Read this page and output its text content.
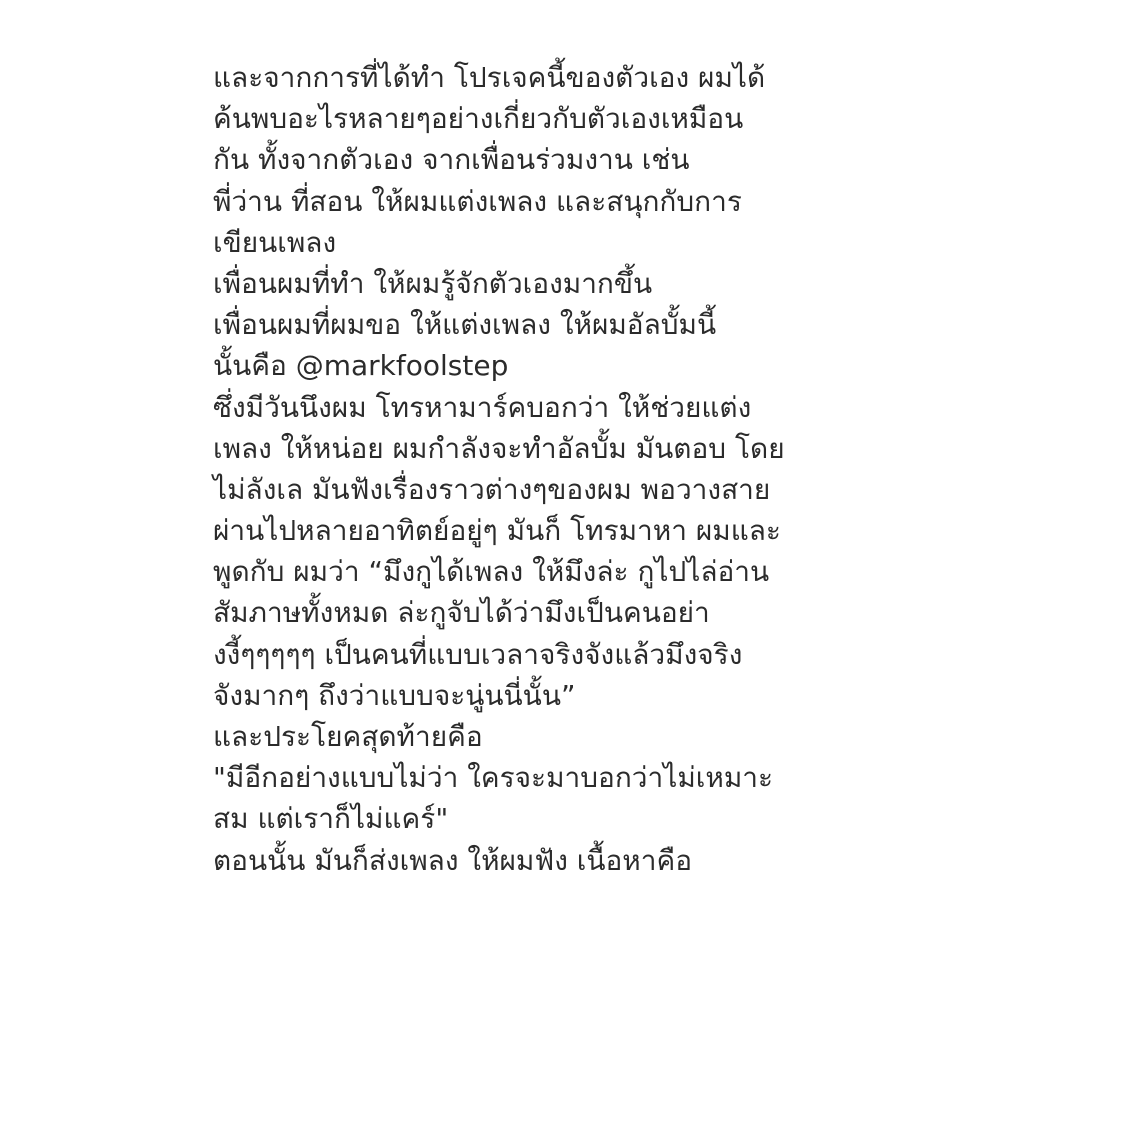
และจากการที่ได้ทำ โปรเจคนี้ของตัวเอง ผมได้
ค้นพบอะไรหลายๆอย่างเกี่ยวกับตัวเองเหมือน
กัน ทั้งจากตัวเอง จากเพื่อนร่วมงาน เช่น
พี่ว่าน ที่สอน ให้ผมแต่งเพลง และสนุกกับการ
เขียนเพลง
เพื่อนผมที่ทำ ให้ผมรู้จักตัวเองมากขึ้น
เพื่อนผมที่ผมขอ ให้แต่งเพลง ให้ผมอัลบั้มนี้
นั้นคือ @markfoolstep
ซึ่งมีวันนึงผม โทรหามาร์คบอกว่า ให้ช่วยแต่ง
เพลง ให้หน่อย ผมกำลังจะทำอัลบั้ม มันตอบ โดย
ไม่ลังเล มันฟังเรื่องราวต่างๆของผม พอวางสาย
ผ่านไปหลายอาทิตย์อยู่ๆ มันก็ โทรมาหา ผมและ
พูดกับ ผมว่า “มึงกูได้เพลง ให้มึงล่ะ กูไปไล่อ่าน
สัมภาษทั้งหมด ล่ะกูจับได้ว่ามึงเป็นคนอย่า
งงี้ๆๆๆๆๆ เป็นคนที่แบบเวลาจริงจังแล้วมึงจริง
จังมากๆ ถึงว่าแบบจะนู่นนี่นั้น”
และประโยคสุดท้ายคือ
"มีอีกอย่างแบบไม่ว่า ใครจะมาบอกว่าไม่เหมาะ
สม แต่เราก็ไม่แคร์"
ตอนนั้น มันก็ส่งเพลง ให้ผมฟัง เนื้อหาคือ
